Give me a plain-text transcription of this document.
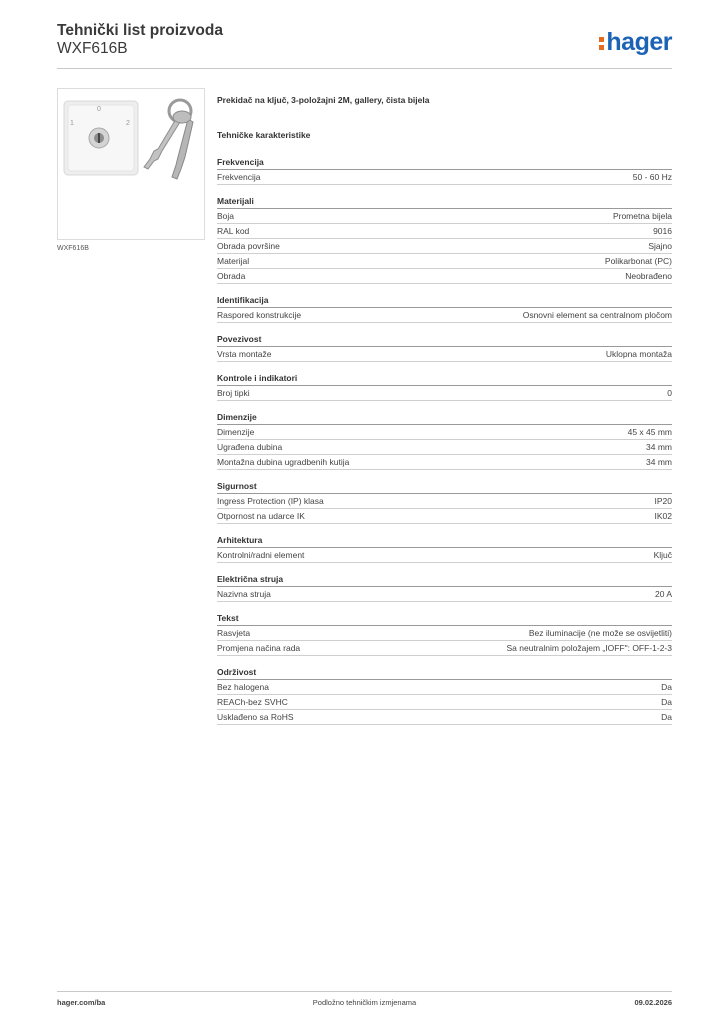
Tehnički list proizvoda
WXF616B	hager
0
1	2
WXF616B
Prekidač na ključ, 3-položajni 2M, gallery, čista bijela
Tehničke karakteristike
Frekvencija
Frekvencija	50 - 60 Hz
Materijali
Boja	Prometna bijela
RAL kod	9016
Obrada površine	Sjajno
Materijal	Polikarbonat (PC)
Obrada	Neobrađeno
Identifikacija
Raspored konstrukcije	Osnovni element sa centralnom pločom
Povezivost
Vrsta montaže	Uklopna montaža
Kontrole i indikatori
Broj tipki	0
Dimenzije
Dimenzije	45 x 45 mm
Ugrađena dubina	34 mm
Montažna dubina ugradbenih kutija	34 mm
Sigurnost
Ingress Protection (IP) klasa	IP20
Otpornost na udarce IK	IK02
Arhitektura
Kontrolni/radni element	Ključ
Električna struja
Nazivna struja	20 A
Tekst
Rasvjeta	Bez iluminacije (ne može se osvijetliti)
Promjena načina rada	Sa neutralnim položajem „IOFF": OFF-1-2-3
Održivost
Bez halogena	Da
REACh-bez SVHC	Da
Usklađeno sa RoHS	Da
hager.com/ba	Podložno tehničkim izmjenama	09.02.2026
